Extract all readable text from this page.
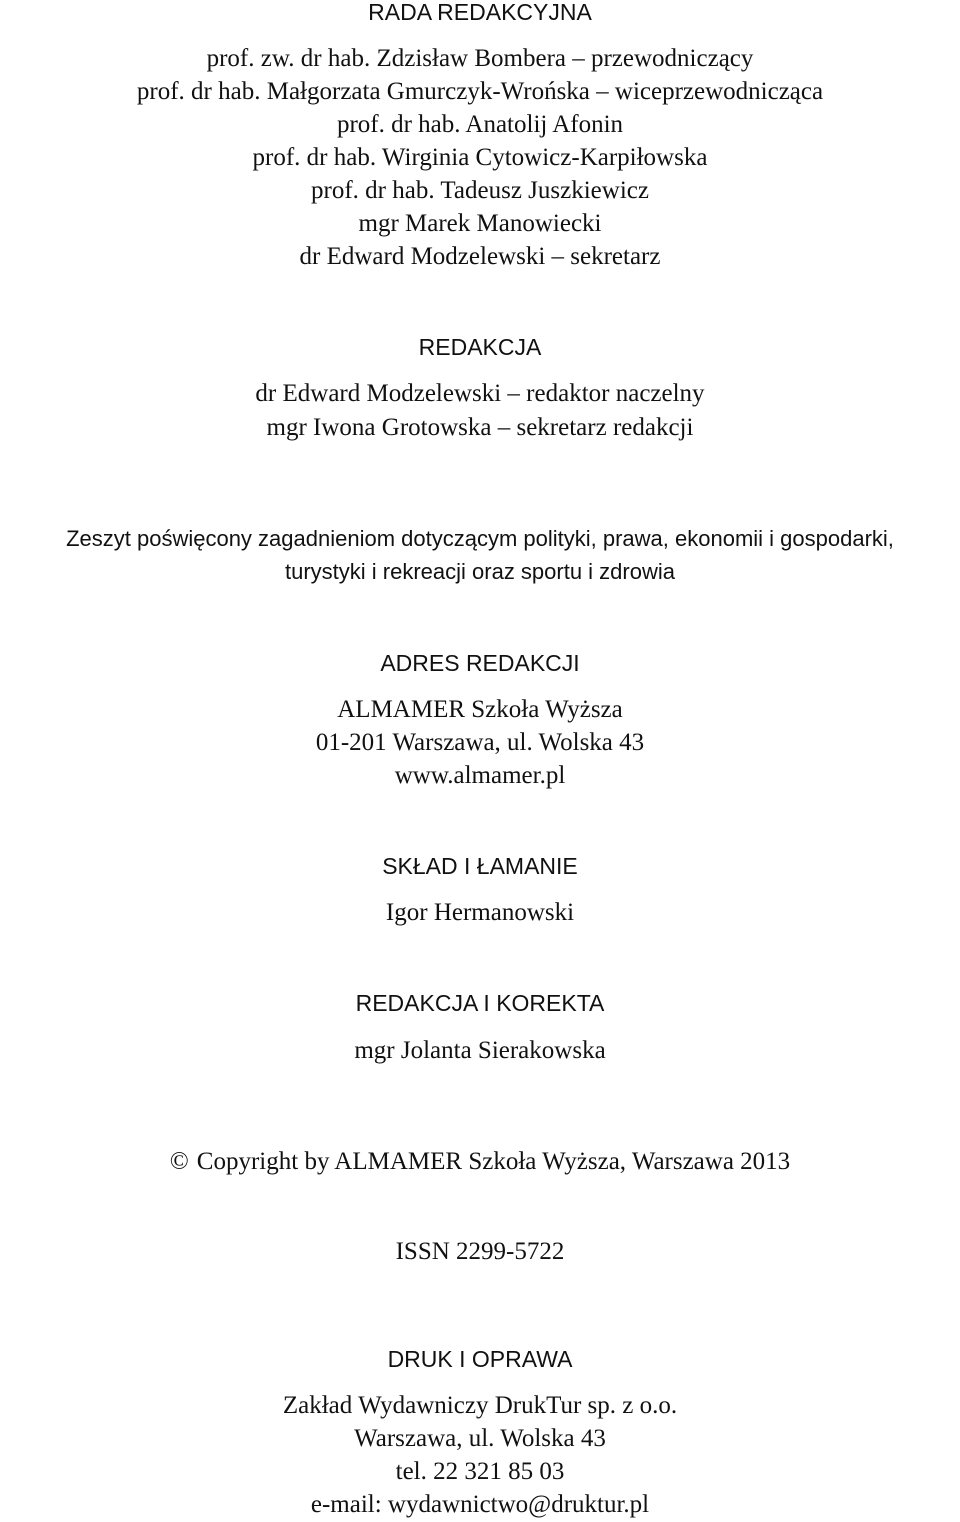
RADA REDAKCYJNA
prof. zw. dr hab. Zdzisław Bombera – przewodniczący
prof. dr hab. Małgorzata Gmurczyk-Wrońska – wiceprzewodnicząca
prof. dr hab. Anatolij Afonin
prof. dr hab. Wirginia Cytowicz-Karpiłowska
prof. dr hab. Tadeusz Juszkiewicz
mgr Marek Manowiecki
dr Edward Modzelewski – sekretarz
REDAKCJA
dr Edward Modzelewski – redaktor naczelny
mgr Iwona Grotowska – sekretarz redakcji
Zeszyt poświęcony zagadnieniom dotyczącym polityki, prawa, ekonomii i gospodarki,
turystyki i rekreacji oraz sportu i zdrowia
ADRES REDAKCJI
ALMAMER Szkoła Wyższa
01-201 Warszawa, ul. Wolska 43
www.almamer.pl
SKŁAD I ŁAMANIE
Igor Hermanowski
REDAKCJA I KOREKTA
mgr Jolanta Sierakowska
© Copyright by ALMAMER Szkoła Wyższa, Warszawa 2013
ISSN 2299-5722
DRUK I OPRAWA
Zakład Wydawniczy DrukTur sp. z o.o.
Warszawa, ul. Wolska 43
tel. 22 321 85 03
e-mail: wydawnictwo@druktur.pl
